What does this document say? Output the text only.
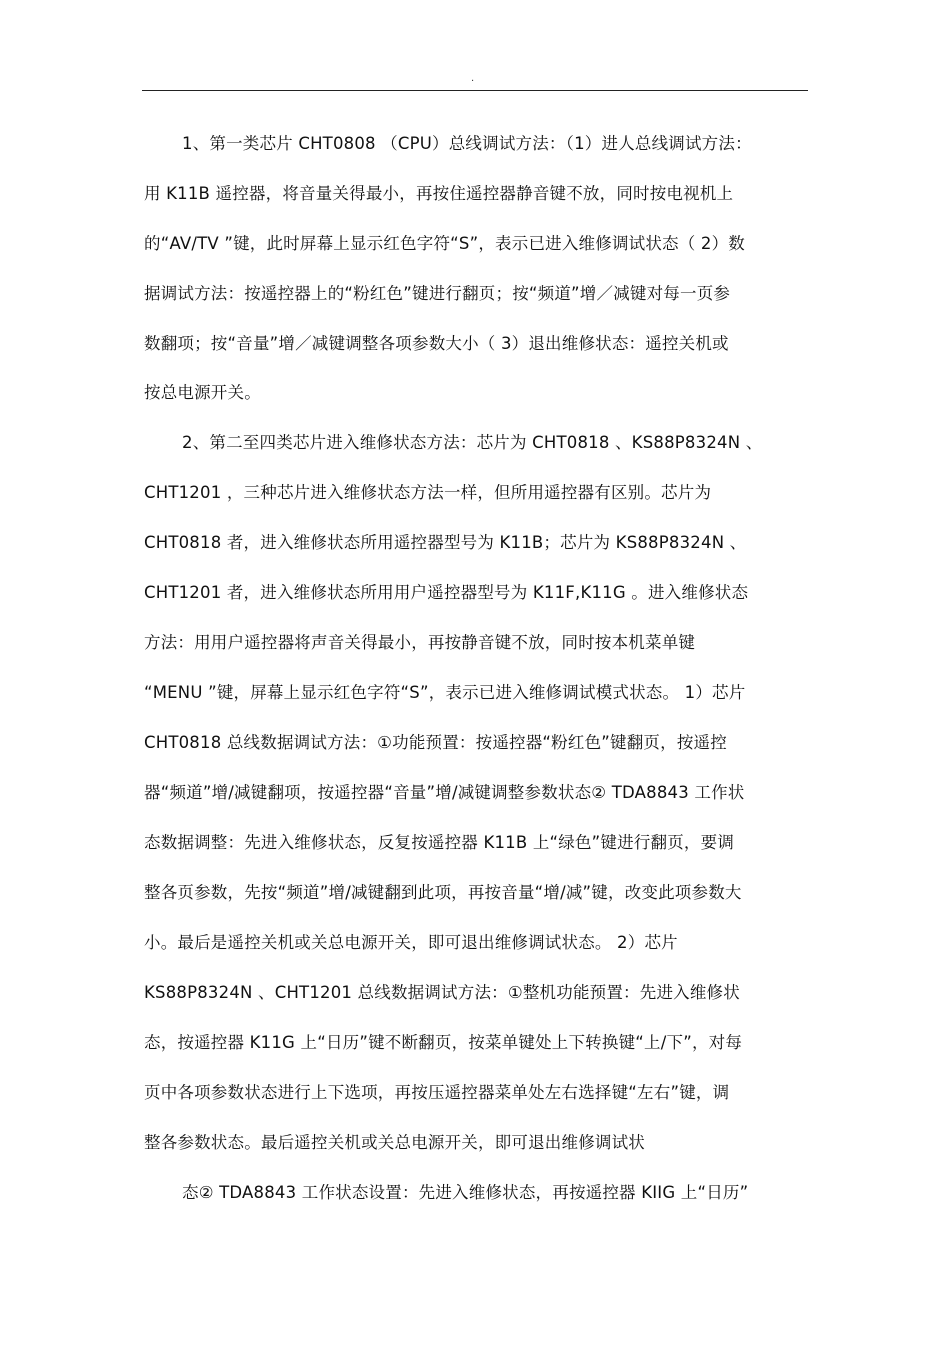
.
1、第一类芯片 CHT0808 （CPU）总线调试方法：（1）进人总线调试方法：
用 K11B 遥控器，将音量关得最小，再按住遥控器静音键不放，同时按电视机上
的“AV/TV ”键，此时屏幕上显示红色字符“S”，表示已进入维修调试状态（ 2）数
据调试方法：按遥控器上的“粉红色”键进行翻页；按“频道”增／减键对每一页参
数翻项；按“音量”增／减键调整各项参数大小（ 3）退出维修状态：遥控关机或
按总电源开关。
2、第二至四类芯片进入维修状态方法：芯片为 CHT0818 、KS88P8324N 、
CHT1201 ，三种芯片进入维修状态方法一样，但所用遥控器有区别。芯片为
CHT0818 者，进入维修状态所用遥控器型号为 K11B；芯片为 KS88P8324N 、
CHT1201 者，进入维修状态所用用户遥控器型号为 K11F,K11G 。进入维修状态
方法：用用户遥控器将声音关得最小，再按静音键不放，同时按本机菜单键
“MENU ”键，屏幕上显示红色字符“S”，表示已进入维修调试模式状态。 1）芯片
CHT0818 总线数据调试方法：①功能预置：按遥控器“粉红色”键翻页，按遥控
器“频道”增/减键翻项，按遥控器“音量”增/减键调整参数状态② TDA8843 工作状
态数据调整：先进入维修状态，反复按遥控器 K11B 上“绿色”键进行翻页，要调
整各页参数，先按“频道”增/减键翻到此项，再按音量“增/减”键，改变此项参数大
小。最后是遥控关机或关总电源开关，即可退出维修调试状态。 2）芯片
KS88P8324N 、CHT1201 总线数据调试方法：①整机功能预置：先进入维修状
态，按遥控器 K11G 上“日历”键不断翻页，按菜单键处上下转换键“上/下”，对每
页中各项参数状态进行上下选项，再按压遥控器菜单处左右选择键“左右”键，调
整各参数状态。最后遥控关机或关总电源开关，即可退出维修调试状
态② TDA8843 工作状态设置：先进入维修状态，再按遥控器 KIIG 上“日历”
